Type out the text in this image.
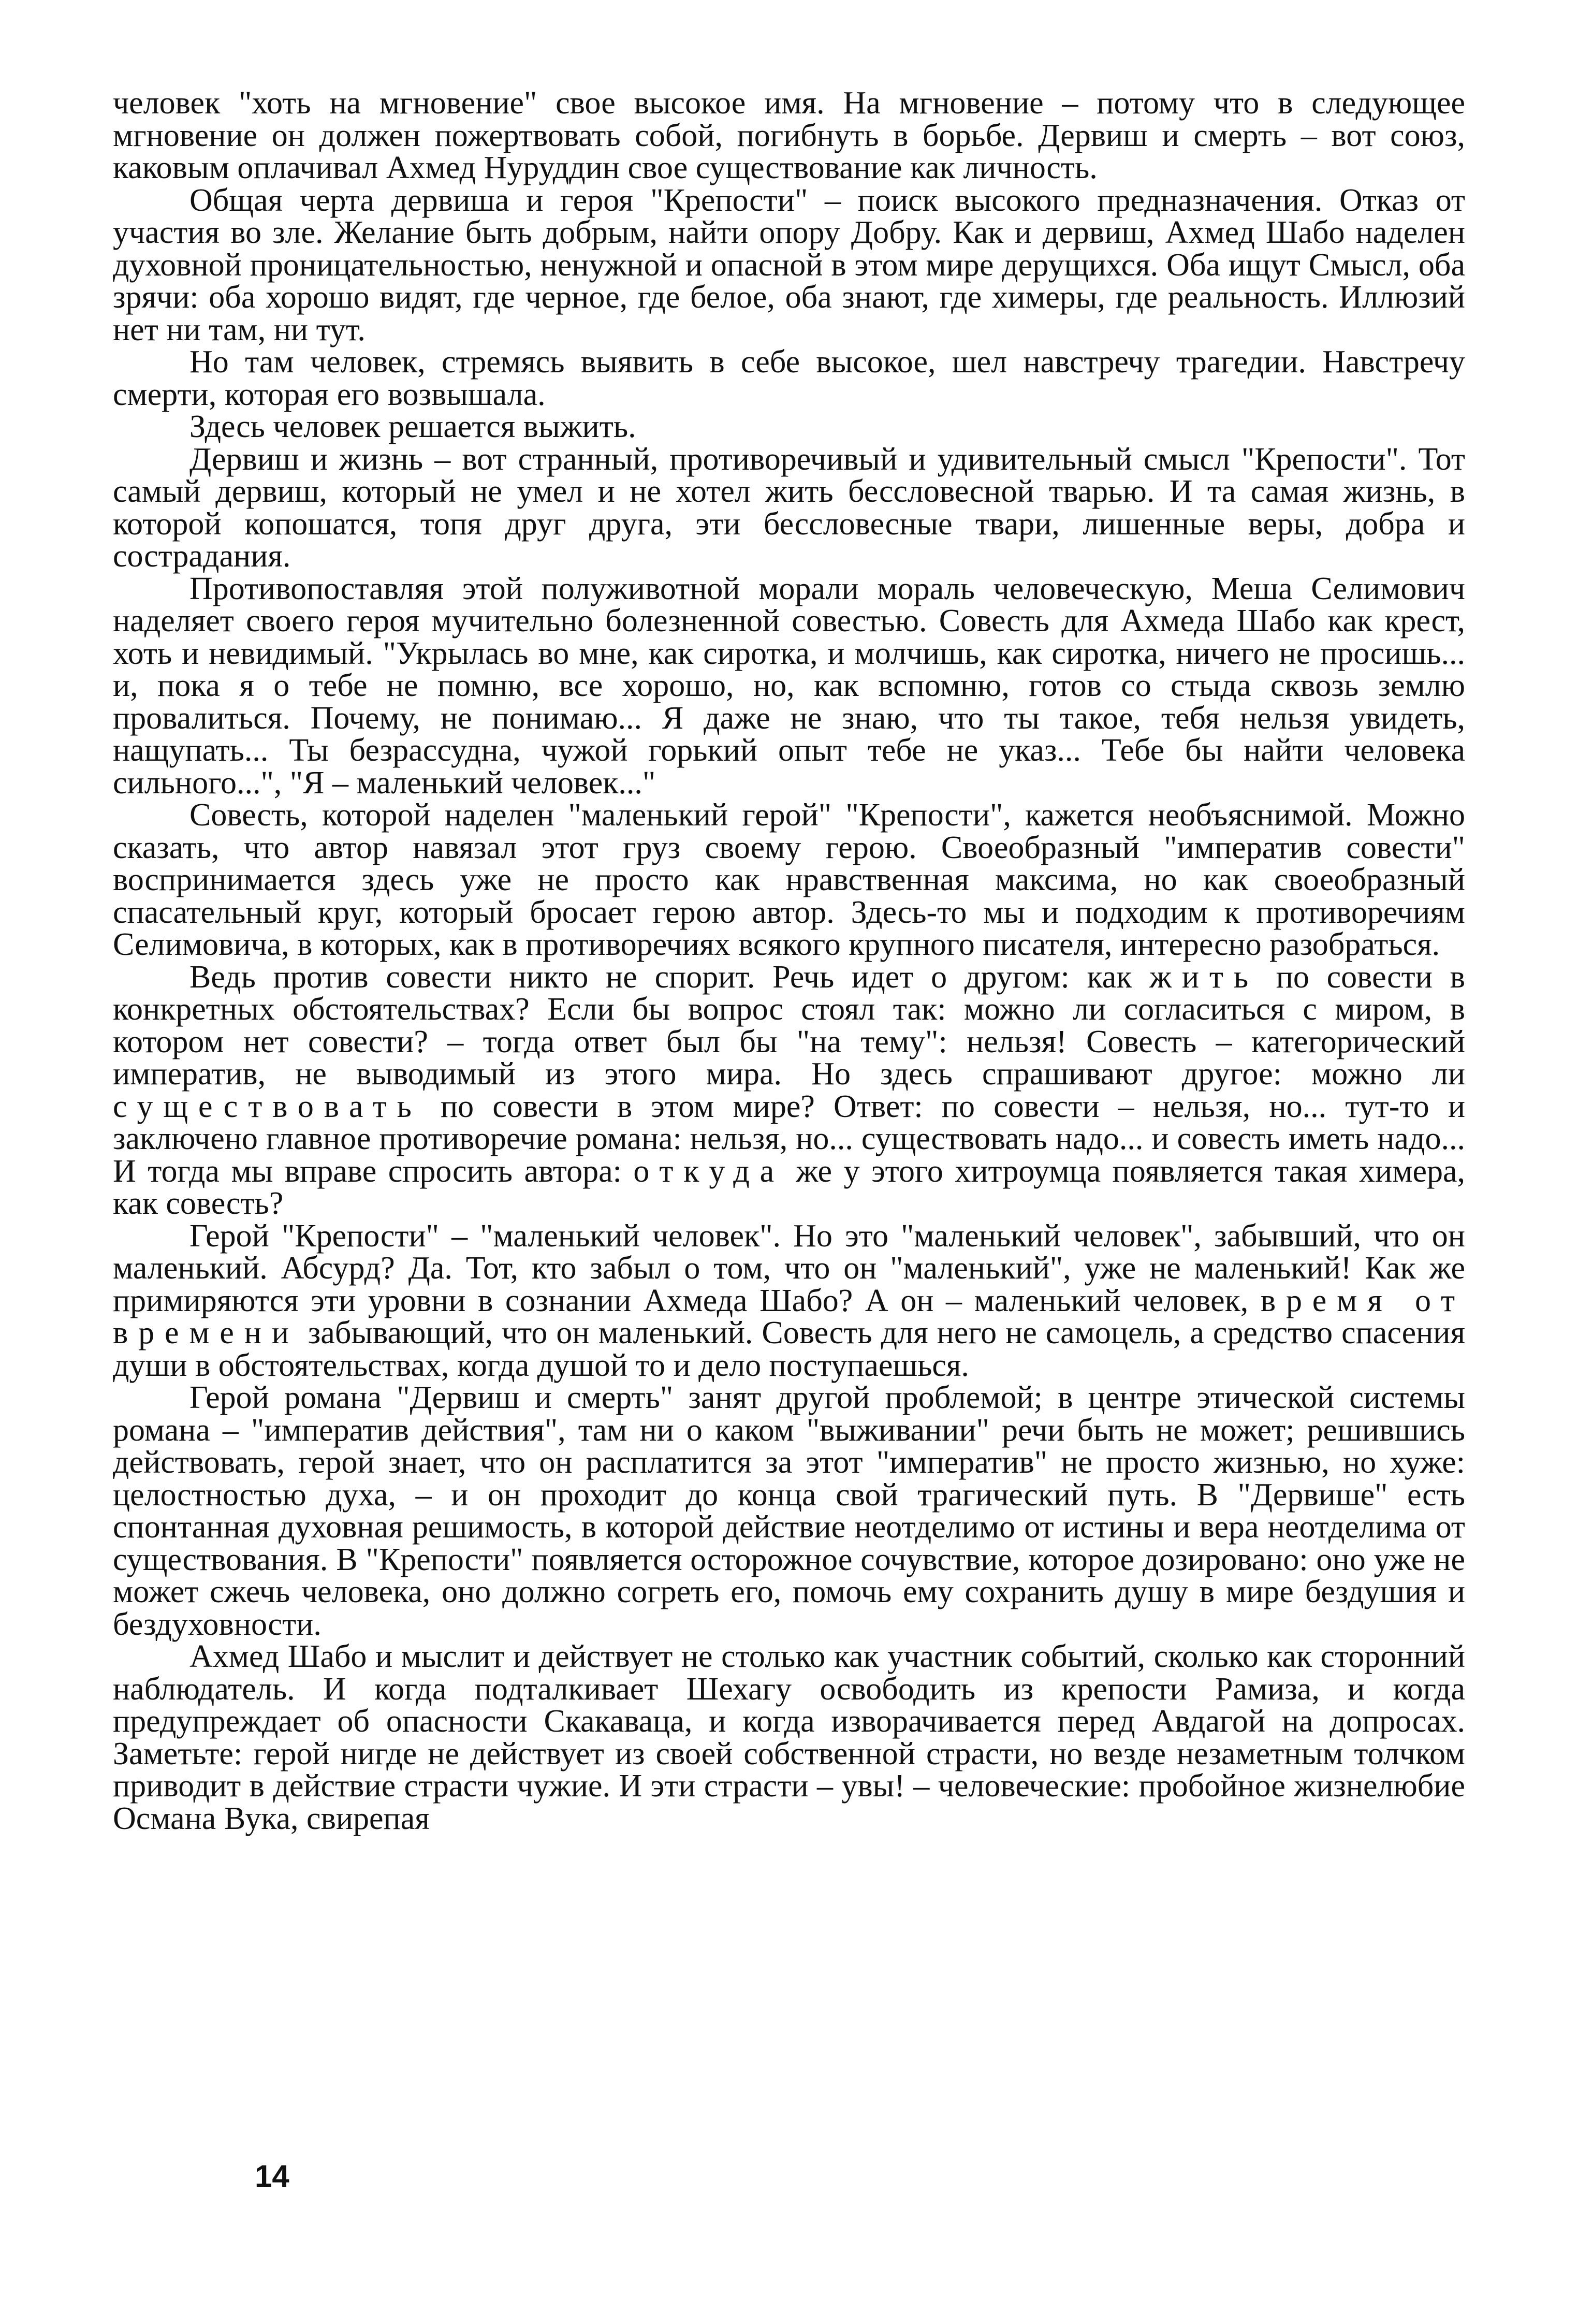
человек "хоть на мгновение" свое высокое имя. На мгновение – потому что в следующее мгновение он должен пожертвовать собой, погибнуть в борьбе. Дервиш и смерть – вот союз, каковым оплачивал Ахмед Нуруддин свое существование как личность.

Общая черта дервиша и героя "Крепости" – поиск высокого предназначения. Отказ от участия во зле. Желание быть добрым, найти опору Добру. Как и дервиш, Ахмед Шабо наделен духовной проницательностью, ненужной и опасной в этом мире дерущихся. Оба ищут Смысл, оба зрячи: оба хорошо видят, где черное, где белое, оба знают, где химеры, где реальность. Иллюзий нет ни там, ни тут.

Но там человек, стремясь выявить в себе высокое, шел навстречу трагедии. Навстречу смерти, которая его возвышала.

Здесь человек решается выжить.

Дервиш и жизнь – вот странный, противоречивый и удивительный смысл "Крепости". Тот самый дервиш, который не умел и не хотел жить бессловесной тварью. И та самая жизнь, в которой копошатся, топя друг друга, эти бессловесные твари, лишенные веры, добра и сострадания.

Противопоставляя этой полуживотной морали мораль человеческую, Меша Селимович наделяет своего героя мучительно болезненной совестью. Совесть для Ахмеда Шабо как крест, хоть и невидимый. "Укрылась во мне, как сиротка, и молчишь, как сиротка, ничего не просишь... и, пока я о тебе не помню, все хорошо, но, как вспомню, готов со стыда сквозь землю провалиться. Почему, не понимаю... Я даже не знаю, что ты такое, тебя нельзя увидеть, нащупать... Ты безрассудна, чужой горький опыт тебе не указ... Тебе бы найти человека сильного...", "Я – маленький человек..."

Совесть, которой наделен "маленький герой" "Крепости", кажется необъяснимой. Можно сказать, что автор навязал этот груз своему герою. Своеобразный "императив совести" воспринимается здесь уже не просто как нравственная максима, но как своеобразный спасательный круг, который бросает герою автор. Здесь-то мы и подходим к противоречиям Селимовича, в которых, как в противоречиях всякого крупного писателя, интересно разобраться.

Ведь против совести никто не спорит. Речь идет о другом: как жить по совести в конкретных обстоятельствах? Если бы вопрос стоял так: можно ли согласиться с миром, в котором нет совести? – тогда ответ был бы "на тему": нельзя! Совесть – категорический императив, не выводимый из этого мира. Но здесь спрашивают другое: можно ли существовать по совести в этом мире? Ответ: по совести – нельзя, но... тут-то и заключено главное противоречие романа: нельзя, но... существовать надо... и совесть иметь надо... И тогда мы вправе спросить автора: откуда же у этого хитроумца появляется такая химера, как совесть?

Герой "Крепости" – "маленький человек". Но это "маленький человек", забывший, что он маленький. Абсурд? Да. Тот, кто забыл о том, что он "маленький", уже не маленький! Как же примиряются эти уровни в сознании Ахмеда Шабо? А он – маленький человек, время от времени забывающий, что он маленький. Совесть для него не самоцель, а средство спасения души в обстоятельствах, когда душой то и дело поступаешься.

Герой романа "Дервиш и смерть" занят другой проблемой; в центре этической системы романа – "императив действия", там ни о каком "выживании" речи быть не может; решившись действовать, герой знает, что он расплатится за этот "императив" не просто жизнью, но хуже: целостностью духа, – и он проходит до конца свой трагический путь. В "Дервише" есть спонтанная духовная решимость, в которой действие неотделимо от истины и вера неотделима от существования. В "Крепости" появляется осторожное сочувствие, которое дозировано: оно уже не может сжечь человека, оно должно согреть его, помочь ему сохранить душу в мире бездушия и бездуховности.

Ахмед Шабо и мыслит и действует не столько как участник событий, сколько как сторонний наблюдатель. И когда подталкивает Шехагу освободить из крепости Рамиза, и когда предупреждает об опасности Скакаваца, и когда изворачивается перед Авдагой на допросах. Заметьте: герой нигде не действует из своей собственной страсти, но везде незаметным толчком приводит в действие страсти чужие. И эти страсти – увы! – человеческие: пробойное жизнелюбие Османа Вука, свирепая

14
